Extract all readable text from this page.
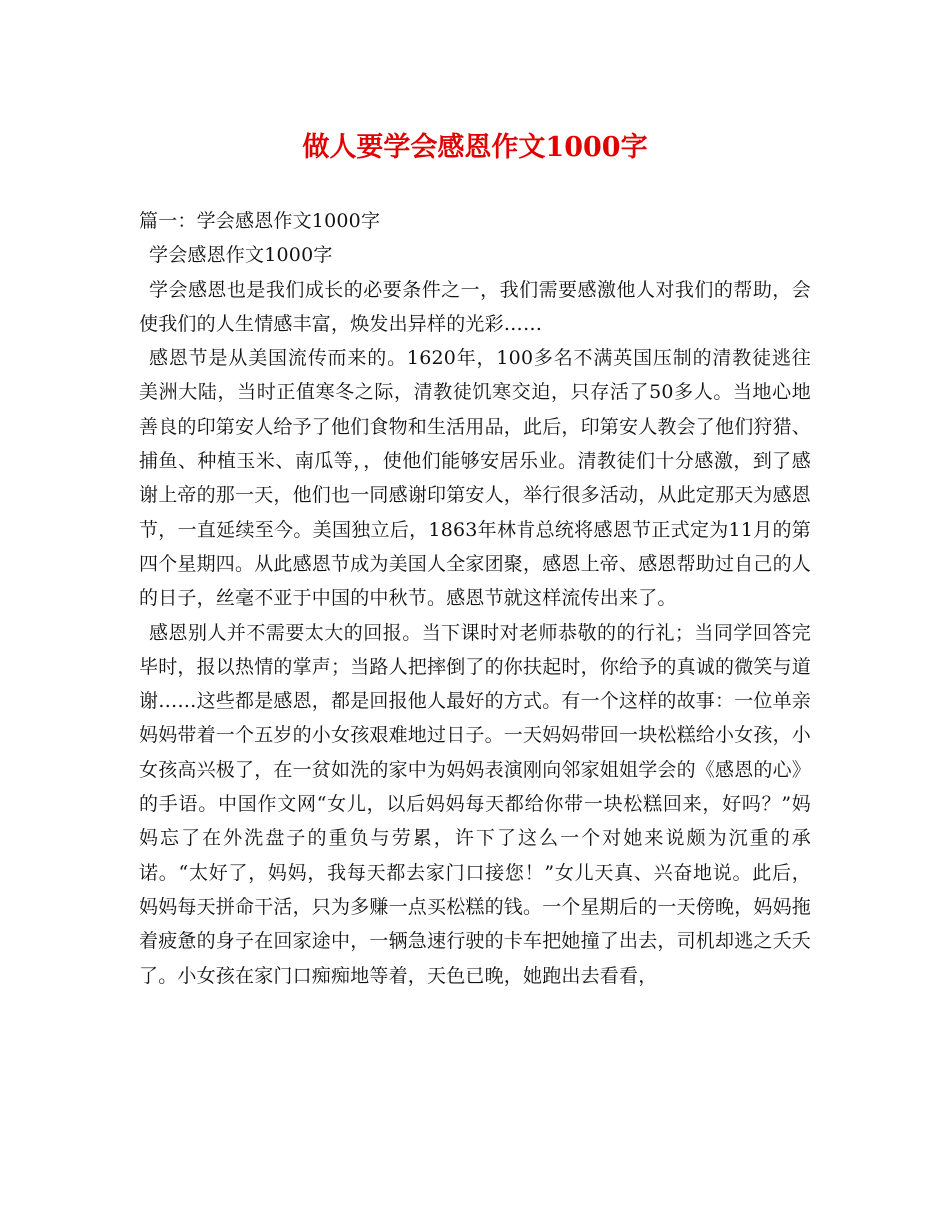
做人要学会感恩作文1000字

篇一：学会感恩作文1000字

学会感恩作文1000字

学会感恩也是我们成长的必要条件之一，我们需要感激他人对我们的帮助，会使我们的人生情感丰富，焕发出异样的光彩……

感恩节是从美国流传而来的。1620年，100多名不满英国压制的清教徒逃往美洲大陆，当时正值寒冬之际，清教徒饥寒交迫，只存活了50多人。当地心地善良的印第安人给予了他们食物和生活用品，此后，印第安人教会了他们狩猎、捕鱼、种植玉米、南瓜等，，使他们能够安居乐业。清教徒们十分感激，到了感谢上帝的那一天，他们也一同感谢印第安人，举行很多活动，从此定那天为感恩节，一直延续至今。美国独立后，1863年林肯总统将感恩节正式定为11月的第四个星期四。从此感恩节成为美国人全家团聚，感恩上帝、感恩帮助过自己的人的日子，丝毫不亚于中国的中秋节。感恩节就这样流传出来了。

感恩别人并不需要太大的回报。当下课时对老师恭敬的的行礼；当同学回答完毕时，报以热情的掌声；当路人把摔倒了的你扶起时，你给予的真诚的微笑与道谢……这些都是感恩，都是回报他人最好的方式。有一个这样的故事：一位单亲妈妈带着一个五岁的小女孩艰难地过日子。一天妈妈带回一块松糕给小女孩，小女孩高兴极了，在一贫如洗的家中为妈妈表演刚向邻家姐姐学会的《感恩的心》的手语。中国作文网“女儿，以后妈妈每天都给你带一块松糕回来，好吗？”妈妈忘了在外洗盘子的重负与劳累，许下了这么一个对她来说颇为沉重的承诺。“太好了，妈妈，我每天都去家门口接您！”女儿天真、兴奋地说。此后，妈妈每天拼命干活，只为多赚一点买松糕的钱。一个星期后的一天傍晚，妈妈拖着疲惫的身子在回家途中，一辆急速行驶的卡车把她撞了出去，司机却逃之夭夭了。小女孩在家门口痴痴地等着，天色已晚，她跑出去看看，
